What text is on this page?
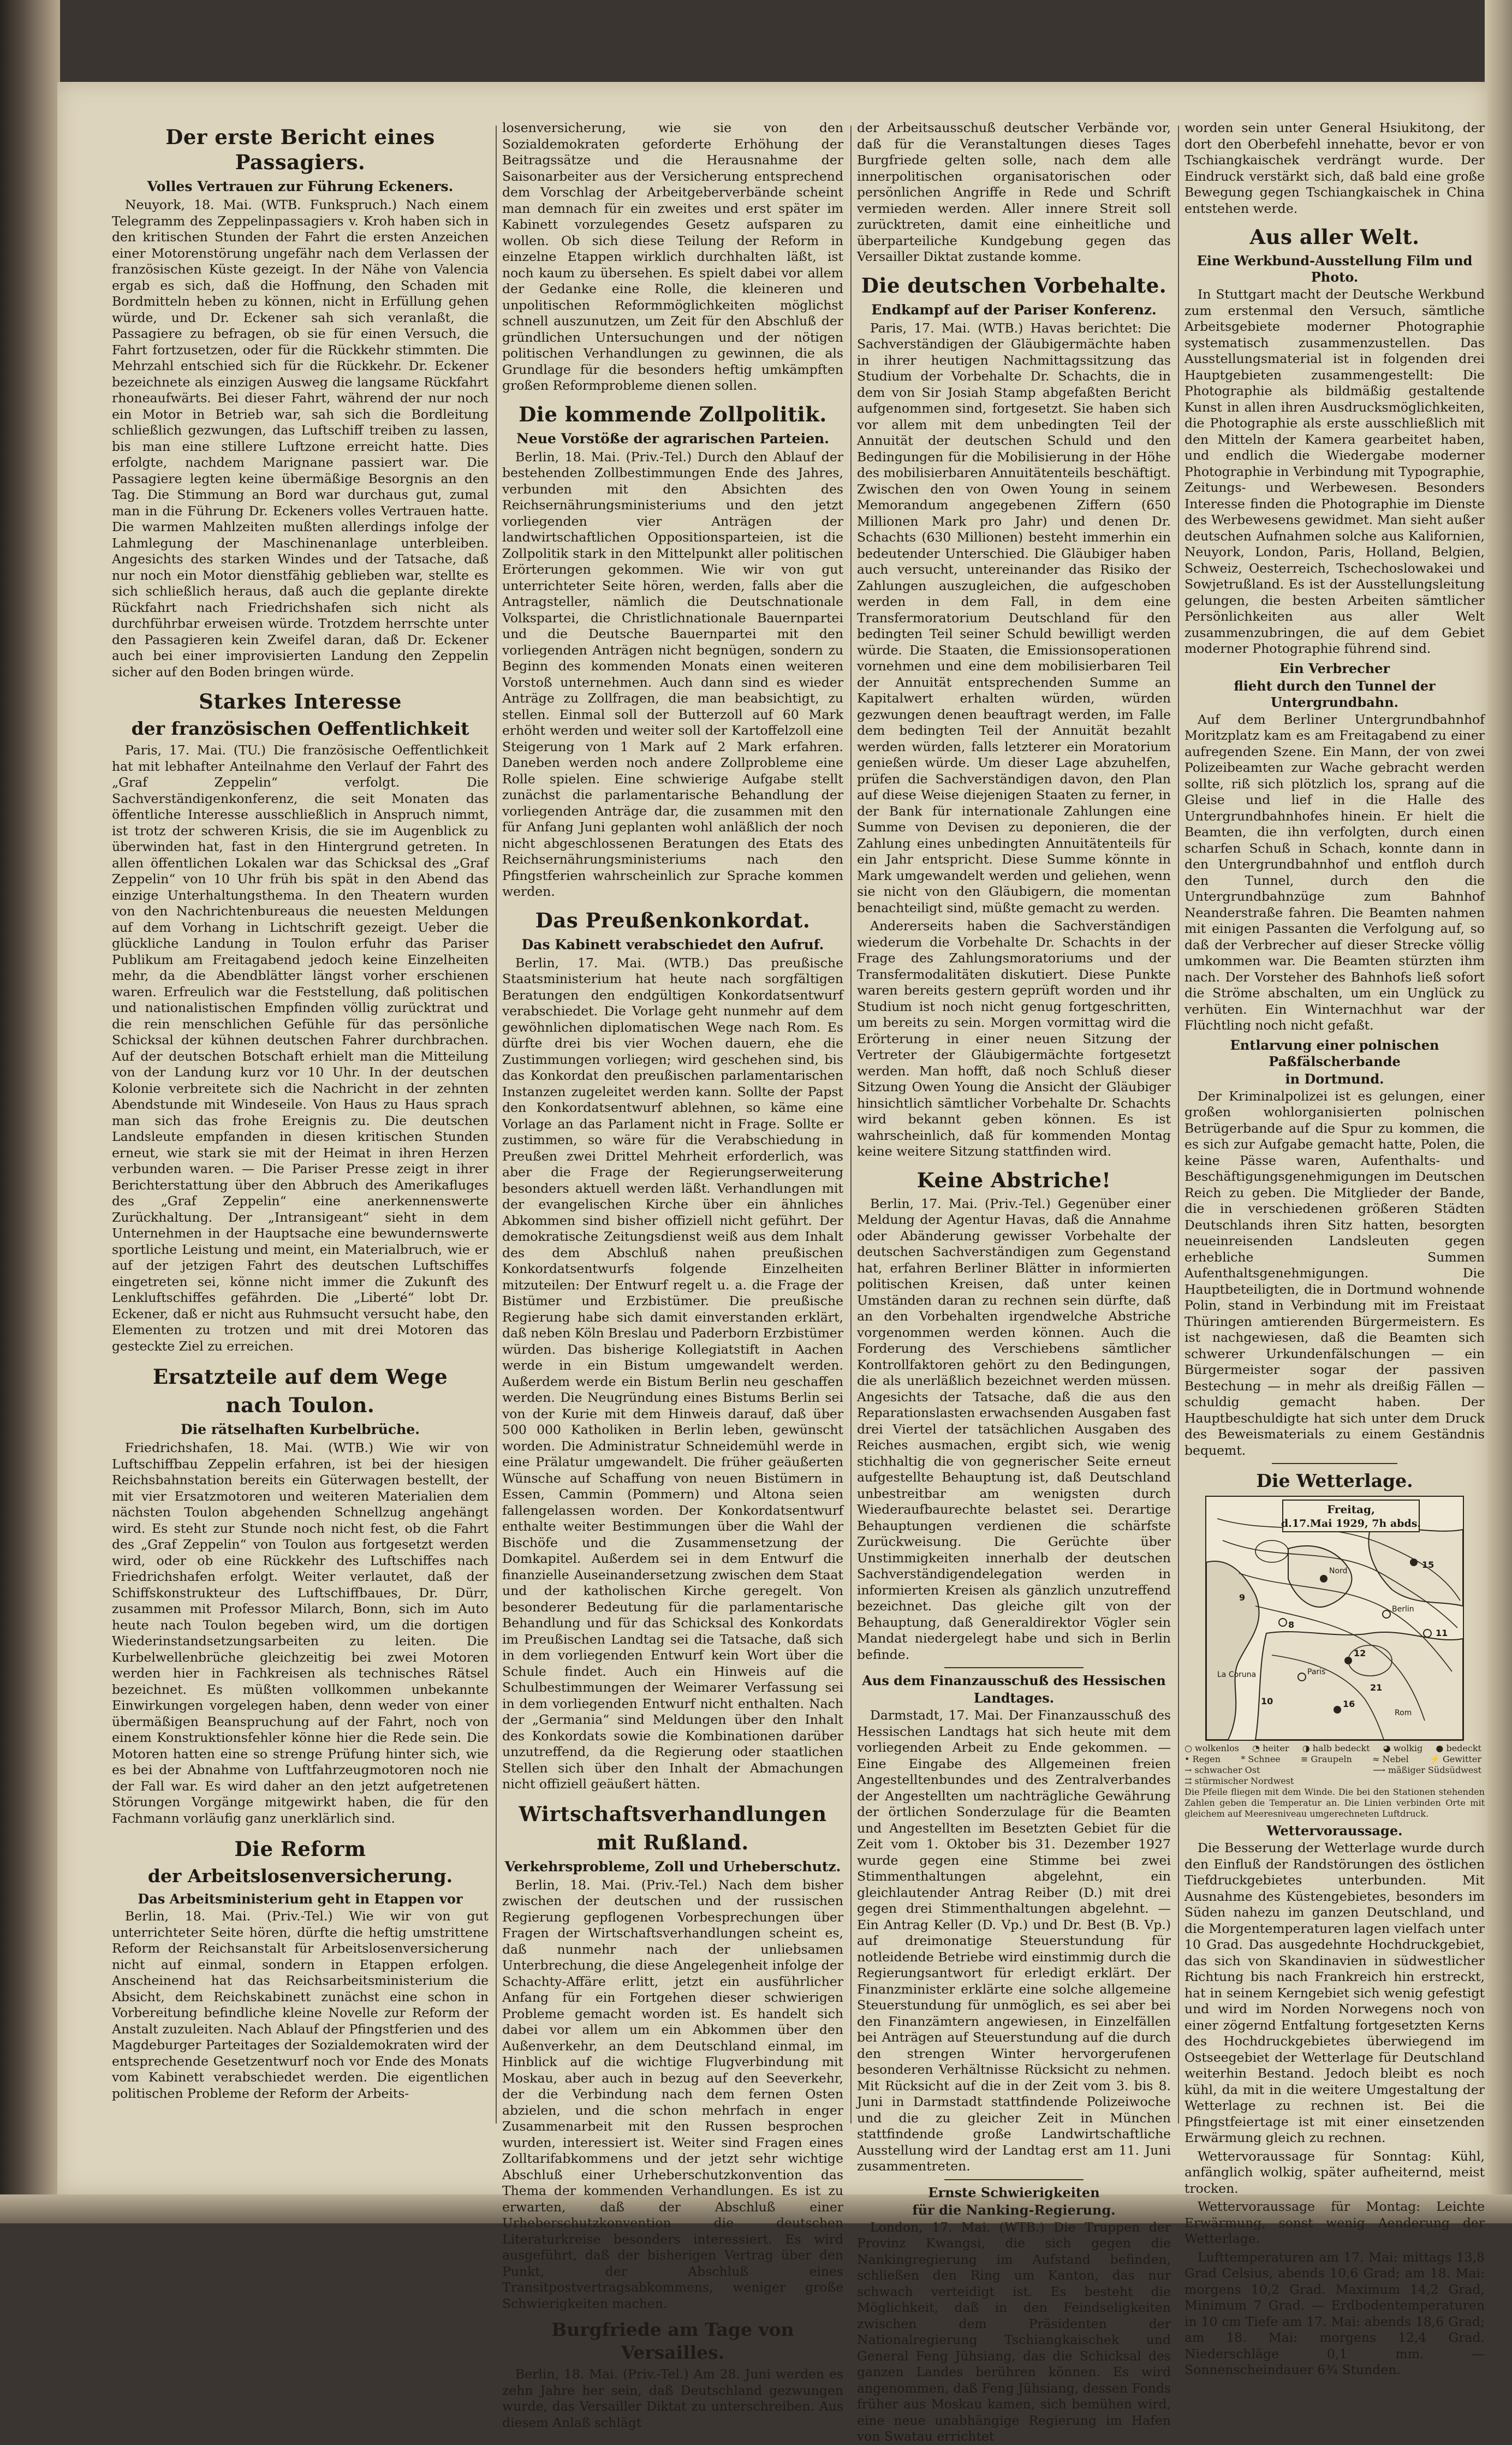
Der erste Bericht eines Passagiers.
Volles Vertrauen zur Führung Eckeners.

Neuyork, 18. Mai. (WTB. Funkspruch.) Nach einem Telegramm des Zeppelinpassagiers v. Kroh haben sich in den kritischen Stunden der Fahrt die ersten Anzeichen einer Motorenstörung ungefähr nach dem Verlassen der französischen Küste gezeigt. In der Nähe von Valencia ergab es sich, daß die Hoffnung, den Schaden mit Bordmitteln heben zu können, nicht in Erfüllung gehen würde, und Dr. Eckener sah sich veranlaßt, die Passagiere zu befragen, ob sie für einen Versuch, die Fahrt fortzusetzen, oder für die Rückkehr stimmten. Die Mehrzahl entschied sich für die Rückkehr. Dr. Eckener bezeichnete als einzigen Ausweg die langsame Rückfahrt rhoneaufwärts. Bei dieser Fahrt, während der nur noch ein Motor in Betrieb war, sah sich die Bordleitung schließlich gezwungen, das Luftschiff treiben zu lassen, bis man eine stillere Luftzone erreicht hatte. Dies erfolgte, nachdem Marignane passiert war. Die Passagiere legten keine übermäßige Besorgnis an den Tag. Die Stimmung an Bord war durchaus gut, zumal man in die Führung Dr. Eckeners volles Vertrauen hatte. Die warmen Mahlzeiten mußten allerdings infolge der Lahmlegung der Maschinenanlage unterbleiben. Angesichts des starken Windes und der Tatsache, daß nur noch ein Motor dienstfähig geblieben war, stellte es sich schließlich heraus, daß auch die geplante direkte Rückfahrt nach Friedrichshafen sich nicht als durchführbar erweisen würde. Trotzdem herrschte unter den Passagieren kein Zweifel daran, daß Dr. Eckener auch bei einer improvisierten Landung den Zeppelin sicher auf den Boden bringen würde.

Starkes Interesse
der französischen Oeffentlichkeit

Paris, 17. Mai. (TU.) Die französische Oeffentlichkeit hat mit lebhafter Anteilnahme den Verlauf der Fahrt des „Graf Zeppelin“ verfolgt. Die Sachverständigenkonferenz, die seit Monaten das öffentliche Interesse ausschließlich in Anspruch nimmt, ist trotz der schweren Krisis, die sie im Augenblick zu überwinden hat, fast in den Hintergrund getreten. In allen öffentlichen Lokalen war das Schicksal des „Graf Zeppelin“ von 10 Uhr früh bis spät in den Abend das einzige Unterhaltungsthema. In den Theatern wurden von den Nachrichtenbureaus die neuesten Meldungen auf dem Vorhang in Lichtschrift gezeigt. Ueber die glückliche Landung in Toulon erfuhr das Pariser Publikum am Freitagabend jedoch keine Einzelheiten mehr, da die Abendblätter längst vorher erschienen waren. Erfreulich war die Feststellung, daß politischen und nationalistischen Empfinden völlig zurücktrat und die rein menschlichen Gefühle für das persönliche Schicksal der kühnen deutschen Fahrer durchbrachen. Auf der deutschen Botschaft erhielt man die Mitteilung von der Landung kurz vor 10 Uhr. In der deutschen Kolonie verbreitete sich die Nachricht in der zehnten Abendstunde mit Windeseile. Von Haus zu Haus sprach man sich das frohe Ereignis zu. Die deutschen Landsleute empfanden in diesen kritischen Stunden erneut, wie stark sie mit der Heimat in ihren Herzen verbunden waren. — Die Pariser Presse zeigt in ihrer Berichterstattung über den Abbruch des Amerikafluges des „Graf Zeppelin“ eine anerkennenswerte Zurückhaltung. Der „Intransigeant“ sieht in dem Unternehmen in der Hauptsache eine bewundernswerte sportliche Leistung und meint, ein Materialbruch, wie er auf der jetzigen Fahrt des deutschen Luftschiffes eingetreten sei, könne nicht immer die Zukunft des Lenkluftschiffes gefährden. Die „Liberté“ lobt Dr. Eckener, daß er nicht aus Ruhmsucht versucht habe, den Elementen zu trotzen und mit drei Motoren das gesteckte Ziel zu erreichen.

Ersatzteile auf dem Wege
nach Toulon.
Die rätselhaften Kurbelbrüche.

Friedrichshafen, 18. Mai. (WTB.) Wie wir von Luftschiffbau Zeppelin erfahren, ist bei der hiesigen Reichsbahnstation bereits ein Güterwagen bestellt, der mit vier Ersatzmotoren und weiteren Materialien dem nächsten Toulon abgehenden Schnellzug angehängt wird. Es steht zur Stunde noch nicht fest, ob die Fahrt des „Graf Zeppelin“ von Toulon aus fortgesetzt werden wird, oder ob eine Rückkehr des Luftschiffes nach Friedrichshafen erfolgt. Weiter verlautet, daß der Schiffskonstrukteur des Luftschiffbaues, Dr. Dürr, zusammen mit Professor Milarch, Bonn, sich im Auto heute nach Toulon begeben wird, um die dortigen Wiederinstandsetzungsarbeiten zu leiten. Die Kurbelwellenbrüche gleichzeitig bei zwei Motoren werden hier in Fachkreisen als technisches Rätsel bezeichnet. Es müßten vollkommen unbekannte Einwirkungen vorgelegen haben, denn weder von einer übermäßigen Beanspruchung auf der Fahrt, noch von einem Konstruktionsfehler könne hier die Rede sein. Die Motoren hatten eine so strenge Prüfung hinter sich, wie es bei der Abnahme von Luftfahrzeugmotoren noch nie der Fall war. Es wird daher an den jetzt aufgetretenen Störungen Vorgänge mitgewirkt haben, die für den Fachmann vorläufig ganz unerklärlich sind.

Die Reform
der Arbeitslosenversicherung.
Das Arbeitsministerium geht in Etappen vor

Berlin, 18. Mai. (Priv.-Tel.) Wie wir von gut unterrichteter Seite hören, dürfte die heftig umstrittene Reform der Reichsanstalt für Arbeitslosenversicherung nicht auf einmal, sondern in Etappen erfolgen. Anscheinend hat das Reichsarbeitsministerium die Absicht, dem Reichskabinett zunächst eine schon in Vorbereitung befindliche kleine Novelle zur Reform der Anstalt zuzuleiten. Nach Ablauf der Pfingstferien und des Magdeburger Parteitages der Sozialdemokraten wird der entsprechende Gesetzentwurf noch vor Ende des Monats vom Kabinett verabschiedet werden. Die eigentlichen politischen Probleme der Reform der Arbeits-

losenversicherung, wie sie von den Sozialdemokraten geforderte Erhöhung der Beitragssätze und die Herausnahme der Saisonarbeiter aus der Versicherung entsprechend dem Vorschlag der Arbeitgeberverbände scheint man demnach für ein zweites und erst später im Kabinett vorzulegendes Gesetz aufsparen zu wollen. Ob sich diese Teilung der Reform in einzelne Etappen wirklich durchhalten läßt, ist noch kaum zu übersehen. Es spielt dabei vor allem der Gedanke eine Rolle, die kleineren und unpolitischen Reformmöglichkeiten möglichst schnell auszunutzen, um Zeit für den Abschluß der gründlichen Untersuchungen und der nötigen politischen Verhandlungen zu gewinnen, die als Grundlage für die besonders heftig umkämpften großen Reformprobleme dienen sollen.

Die kommende Zollpolitik.
Neue Vorstöße der agrarischen Parteien.

Berlin, 18. Mai. (Priv.-Tel.) Durch den Ablauf der bestehenden Zollbestimmungen Ende des Jahres, verbunden mit den Absichten des Reichsernährungsministeriums und den jetzt vorliegenden vier Anträgen der landwirtschaftlichen Oppositionsparteien, ist die Zollpolitik stark in den Mittelpunkt aller politischen Erörterungen gekommen. Wie wir von gut unterrichteter Seite hören, werden, falls aber die Antragsteller, nämlich die Deutschnationale Volkspartei, die Christlichnationale Bauernpartei und die Deutsche Bauernpartei mit den vorliegenden Anträgen nicht begnügen, sondern zu Beginn des kommenden Monats einen weiteren Vorstoß unternehmen. Auch dann sind es wieder Anträge zu Zollfragen, die man beabsichtigt, zu stellen. Einmal soll der Butterzoll auf 60 Mark erhöht werden und weiter soll der Kartoffelzoll eine Steigerung von 1 Mark auf 2 Mark erfahren. Daneben werden noch andere Zollprobleme eine Rolle spielen. Eine schwierige Aufgabe stellt zunächst die parlamentarische Behandlung der vorliegenden Anträge dar, die zusammen mit den für Anfang Juni geplanten wohl anläßlich der noch nicht abgeschlossenen Beratungen des Etats des Reichsernährungsministeriums nach den Pfingstferien wahrscheinlich zur Sprache kommen werden.

Das Preußenkonkordat.
Das Kabinett verabschiedet den Aufruf.

Berlin, 17. Mai. (WTB.) Das preußische Staatsministerium hat heute nach sorgfältigen Beratungen den endgültigen Konkordatsentwurf verabschiedet. Die Vorlage geht nunmehr auf dem gewöhnlichen diplomatischen Wege nach Rom. Es dürfte drei bis vier Wochen dauern, ehe die Zustimmungen vorliegen; wird geschehen sind, bis das Konkordat den preußischen parlamentarischen Instanzen zugeleitet werden kann. Sollte der Papst den Konkordatsentwurf ablehnen, so käme eine Vorlage an das Parlament nicht in Frage. Sollte er zustimmen, so wäre für die Verabschiedung in Preußen zwei Drittel Mehrheit erforderlich, was aber die Frage der Regierungserweiterung besonders aktuell werden läßt. Verhandlungen mit der evangelischen Kirche über ein ähnliches Abkommen sind bisher offiziell nicht geführt. Der demokratische Zeitungsdienst weiß aus dem Inhalt des dem Abschluß nahen preußischen Konkordatsentwurfs folgende Einzelheiten mitzuteilen: Der Entwurf regelt u. a. die Frage der Bistümer und Erzbistümer. Die preußische Regierung habe sich damit einverstanden erklärt, daß neben Köln Breslau und Paderborn Erzbistümer würden. Das bisherige Kollegiatstift in Aachen werde in ein Bistum umgewandelt werden. Außerdem werde ein Bistum Berlin neu geschaffen werden. Die Neugründung eines Bistums Berlin sei von der Kurie mit dem Hinweis darauf, daß über 500 000 Katholiken in Berlin leben, gewünscht worden. Die Administratur Schneidemühl werde in eine Prälatur umgewandelt. Die früher geäußerten Wünsche auf Schaffung von neuen Bistümern in Essen, Cammin (Pommern) und Altona seien fallengelassen worden. Der Konkordatsentwurf enthalte weiter Bestimmungen über die Wahl der Bischöfe und die Zusammensetzung der Domkapitel. Außerdem sei in dem Entwurf die finanzielle Auseinandersetzung zwischen dem Staat und der katholischen Kirche geregelt. Von besonderer Bedeutung für die parlamentarische Behandlung und für das Schicksal des Konkordats im Preußischen Landtag sei die Tatsache, daß sich in dem vorliegenden Entwurf kein Wort über die Schule findet. Auch ein Hinweis auf die Schulbestimmungen der Weimarer Verfassung sei in dem vorliegenden Entwurf nicht enthalten. Nach der „Germania“ sind Meldungen über den Inhalt des Konkordats sowie die Kombinationen darüber unzutreffend, da die Regierung oder staatlichen Stellen sich über den Inhalt der Abmachungen nicht offiziell geäußert hätten.

Wirtschaftsverhandlungen
mit Rußland.
Verkehrsprobleme, Zoll und Urheberschutz.

Berlin, 18. Mai. (Priv.-Tel.) Nach dem bisher zwischen der deutschen und der russischen Regierung gepflogenen Vorbesprechungen über Fragen der Wirtschaftsverhandlungen scheint es, daß nunmehr nach der unliebsamen Unterbrechung, die diese Angelegenheit infolge der Schachty-Affäre erlitt, jetzt ein ausführlicher Anfang für ein Fortgehen dieser schwierigen Probleme gemacht worden ist. Es handelt sich dabei vor allem um ein Abkommen über den Außenverkehr, an dem Deutschland einmal, im Hinblick auf die wichtige Flugverbindung mit Moskau, aber auch in bezug auf den Seeverkehr, der die Verbindung nach dem fernen Osten abzielen, und die schon mehrfach in enger Zusammenarbeit mit den Russen besprochen wurden, interessiert ist. Weiter sind Fragen eines Zolltarifabkommens und der jetzt sehr wichtige Abschluß einer Urheberschutzkonvention das Thema der kommenden Verhandlungen. Es ist zu erwarten, daß der Abschluß einer Urheberschutzkonvention die deutschen Literaturkreise besonders interessiert. Es wird ausgeführt, daß der bisherigen Vertrag über den Punkt, der Abschluß eines Transitpostvertragsabkommens, weniger große Schwierigkeiten machen.

Burgfriede am Tage von Versailles.

Berlin, 18. Mai. (Priv.-Tel.) Am 28. Juni werden es zehn Jahre her sein, daß Deutschland gezwungen wurde, das Versailler Diktat zu unterschreiben. Aus diesem Anlaß schlägt

der Arbeitsausschuß deutscher Verbände vor, daß für die Veranstaltungen dieses Tages Burgfriede gelten solle, nach dem alle innerpolitischen organisatorischen oder persönlichen Angriffe in Rede und Schrift vermieden werden. Aller innere Streit soll zurücktreten, damit eine einheitliche und überparteiliche Kundgebung gegen das Versailler Diktat zustande komme.

Die deutschen Vorbehalte.
Endkampf auf der Pariser Konferenz.

Paris, 17. Mai. (WTB.) Havas berichtet: Die Sachverständigen der Gläubigermächte haben in ihrer heutigen Nachmittagssitzung das Studium der Vorbehalte Dr. Schachts, die in dem von Sir Josiah Stamp abgefaßten Bericht aufgenommen sind, fortgesetzt. Sie haben sich vor allem mit dem unbedingten Teil der Annuität der deutschen Schuld und den Bedingungen für die Mobilisierung in der Höhe des mobilisierbaren Annuitätenteils beschäftigt. Zwischen den von Owen Young in seinem Memorandum angegebenen Ziffern (650 Millionen Mark pro Jahr) und denen Dr. Schachts (630 Millionen) besteht immerhin ein bedeutender Unterschied. Die Gläubiger haben auch versucht, untereinander das Risiko der Zahlungen auszugleichen, die aufgeschoben werden in dem Fall, in dem eine Transfermoratorium Deutschland für den bedingten Teil seiner Schuld bewilligt werden würde. Die Staaten, die Emissionsoperationen vornehmen und eine dem mobilisierbaren Teil der Annuität entsprechenden Summe an Kapitalwert erhalten würden, würden gezwungen denen beauftragt werden, im Falle dem bedingten Teil der Annuität bezahlt werden würden, falls letzterer ein Moratorium genießen würde. Um dieser Lage abzuhelfen, prüfen die Sachverständigen davon, den Plan auf diese Weise diejenigen Staaten zu ferner, in der Bank für internationale Zahlungen eine Summe von Devisen zu deponieren, die der Zahlung eines unbedingten Annuitätenteils für ein Jahr entspricht. Diese Summe könnte in Mark umgewandelt werden und geliehen, wenn sie nicht von den Gläubigern, die momentan benachteiligt sind, müßte gemacht zu werden.

Andererseits haben die Sachverständigen wiederum die Vorbehalte Dr. Schachts in der Frage des Zahlungsmoratoriums und der Transfermodalitäten diskutiert. Diese Punkte waren bereits gestern geprüft worden und ihr Studium ist noch nicht genug fortgeschritten, um bereits zu sein. Morgen vormittag wird die Erörterung in einer neuen Sitzung der Vertreter der Gläubigermächte fortgesetzt werden. Man hofft, daß noch Schluß dieser Sitzung Owen Young die Ansicht der Gläubiger hinsichtlich sämtlicher Vorbehalte Dr. Schachts wird bekannt geben können. Es ist wahrscheinlich, daß für kommenden Montag keine weitere Sitzung stattfinden wird.

Keine Abstriche!

Berlin, 17. Mai. (Priv.-Tel.) Gegenüber einer Meldung der Agentur Havas, daß die Annahme oder Abänderung gewisser Vorbehalte der deutschen Sachverständigen zum Gegenstand hat, erfahren Berliner Blätter in informierten politischen Kreisen, daß unter keinen Umständen daran zu rechnen sein dürfte, daß an den Vorbehalten irgendwelche Abstriche vorgenommen werden können. Auch die Forderung des Verschiebens sämtlicher Kontrollfaktoren gehört zu den Bedingungen, die als unerläßlich bezeichnet werden müssen. Angesichts der Tatsache, daß die aus den Reparationslasten erwachsenden Ausgaben fast drei Viertel der tatsächlichen Ausgaben des Reiches ausmachen, ergibt sich, wie wenig stichhaltig die von gegnerischer Seite erneut aufgestellte Behauptung ist, daß Deutschland unbestreitbar am wenigsten durch Wiederaufbaurechte belastet sei. Derartige Behauptungen verdienen die schärfste Zurückweisung. Die Gerüchte über Unstimmigkeiten innerhalb der deutschen Sachverständigendelegation werden in informierten Kreisen als gänzlich unzutreffend bezeichnet. Das gleiche gilt von der Behauptung, daß Generaldirektor Vögler sein Mandat niedergelegt habe und sich in Berlin befinde.

Aus dem Finanzausschuß des Hessischen
Landtages.

Darmstadt, 17. Mai. Der Finanzausschuß des Hessischen Landtags hat sich heute mit dem vorliegenden Arbeit zu Ende gekommen. — Eine Eingabe des Allgemeinen freien Angestelltenbundes und des Zentralverbandes der Angestellten um nachträgliche Gewährung der örtlichen Sonderzulage für die Beamten und Angestellten im Besetzten Gebiet für die Zeit vom 1. Oktober bis 31. Dezember 1927 wurde gegen eine Stimme bei zwei Stimmenthaltungen abgelehnt, ein gleichlautender Antrag Reiber (D.) mit drei gegen drei Stimmenthaltungen abgelehnt. — Ein Antrag Keller (D. Vp.) und Dr. Best (B. Vp.) auf dreimonatige Steuerstundung für notleidende Betriebe wird einstimmig durch die Regierungsantwort für erledigt erklärt. Der Finanzminister erklärte eine solche allgemeine Steuerstundung für unmöglich, es sei aber bei den Finanzämtern angewiesen, in Einzelfällen bei Anträgen auf Steuerstundung auf die durch den strengen Winter hervorgerufenen besonderen Verhältnisse Rücksicht zu nehmen. Mit Rücksicht auf die in der Zeit vom 3. bis 8. Juni in Darmstadt stattfindende Polizeiwoche und die zu gleicher Zeit in München stattfindende große Landwirtschaftliche Ausstellung wird der Landtag erst am 11. Juni zusammentreten.

Ernste Schwierigkeiten
für die Nanking-Regierung.

London, 17. Mai. (WTB.) Die Truppen der Provinz Kwangsi, die sich gegen die Nankingregierung im Aufstand befinden, schließen den Ring um Kanton, das nur schwach verteidigt ist. Es besteht die Möglichkeit, daß in den Feindseligkeiten zwischen dem Präsidenten der Nationalregierung Tschiangkaischek und General Feng Jühsiang, das die Schicksal des ganzen Landes berühren können. Es wird angenommen, daß Feng Jühsiang, dessen Fonds früher aus Moskau kamen, sich bemühen wird, eine neue unabhängige Regierung im Hafen von Swatau errichtet

worden sein unter General Hsiukitong, der dort den Oberbefehl innehatte, bevor er von Tschiangkaischek verdrängt wurde. Der Eindruck verstärkt sich, daß bald eine große Bewegung gegen Tschiangkaischek in China entstehen werde.

Aus aller Welt.
Eine Werkbund-Ausstellung Film und Photo.

In Stuttgart macht der Deutsche Werkbund zum erstenmal den Versuch, sämtliche Arbeitsgebiete moderner Photographie systematisch zusammenzustellen. Das Ausstellungsmaterial ist in folgenden drei Hauptgebieten zusammengestellt: Die Photographie als bildmäßig gestaltende Kunst in allen ihren Ausdrucksmöglichkeiten, die Photographie als erste ausschließlich mit den Mitteln der Kamera gearbeitet haben, und endlich die Wiedergabe moderner Photographie in Verbindung mit Typographie, Zeitungs- und Werbewesen. Besonders Interesse finden die Photographie im Dienste des Werbewesens gewidmet. Man sieht außer deutschen Aufnahmen solche aus Kalifornien, Neuyork, London, Paris, Holland, Belgien, Schweiz, Oesterreich, Tschechoslowakei und Sowjetrußland. Es ist der Ausstellungsleitung gelungen, die besten Arbeiten sämtlicher Persönlichkeiten aus aller Welt zusammenzubringen, die auf dem Gebiet moderner Photographie führend sind.

Ein Verbrecher
flieht durch den Tunnel der Untergrundbahn.

Auf dem Berliner Untergrundbahnhof Moritzplatz kam es am Freitagabend zu einer aufregenden Szene. Ein Mann, der von zwei Polizeibeamten zur Wache gebracht werden sollte, riß sich plötzlich los, sprang auf die Gleise und lief in die Halle des Untergrundbahnhofes hinein. Er hielt die Beamten, die ihn verfolgten, durch einen scharfen Schuß in Schach, konnte dann in den Untergrundbahnhof und entfloh durch den Tunnel, durch den die Untergrundbahnzüge zum Bahnhof Neanderstraße fahren. Die Beamten nahmen mit einigen Passanten die Verfolgung auf, so daß der Verbrecher auf dieser Strecke völlig umkommen war. Die Beamten stürzten ihm nach. Der Vorsteher des Bahnhofs ließ sofort die Ströme abschalten, um ein Unglück zu verhüten. Ein Winternachhut war der Flüchtling noch nicht gefaßt.

Entlarvung einer polnischen Paßfälscherbande
in Dortmund.

Der Kriminalpolizei ist es gelungen, einer großen wohlorganisierten polnischen Betrügerbande auf die Spur zu kommen, die es sich zur Aufgabe gemacht hatte, Polen, die keine Pässe waren, Aufenthalts- und Beschäftigungsgenehmigungen im Deutschen Reich zu geben. Die Mitglieder der Bande, die in verschiedenen größeren Städten Deutschlands ihren Sitz hatten, besorgten neueinreisenden Landsleuten gegen erhebliche Summen Aufenthaltsgenehmigungen. Die Hauptbeteiligten, die in Dortmund wohnende Polin, stand in Verbindung mit im Freistaat Thüringen amtierenden Bürgermeistern. Es ist nachgewiesen, daß die Beamten sich schwerer Urkundenfälschungen — ein Bürgermeister sogar der passiven Bestechung — in mehr als dreißig Fällen — schuldig gemacht haben. Der Hauptbeschuldigte hat sich unter dem Druck des Beweismaterials zu einem Geständnis bequemt.

Die Wetterlage.
Freitag,
d.17.Mai 1929, 7h abds.
Nord
Berlin
Paris
Rom
La Coruna
15
11
8
12
16
21
10
9
○ wolkenlos ◔ heiter ◑ halb bedeckt ◕ wolkig ● bedeckt • Regen * Schnee ≡ Graupeln ≈ Nebel ⚡ Gewitter → schwacher Ost	⟶ mäßiger Südsüdwest ⇉ stürmischer Nordwest
Die Pfeile fliegen mit dem Winde. Die bei den Stationen stehenden Zahlen geben die Temperatur an. Die Linien verbinden Orte mit gleichem auf Meeresniveau umgerechneten Luftdruck.
Wettervoraussage.

Die Besserung der Wetterlage wurde durch den Einfluß der Randstörungen des östlichen Tiefdruckgebietes unterbunden. Mit Ausnahme des Küstengebietes, besonders im Süden nahezu im ganzen Deutschland, und die Morgentemperaturen lagen vielfach unter 10 Grad. Das ausgedehnte Hochdruckgebiet, das sich von Skandinavien in südwestlicher Richtung bis nach Frankreich hin erstreckt, hat in seinem Kerngebiet sich wenig gefestigt und wird im Norden Norwegens noch von einer zögernd Entfaltung fortgesetzten Kerns des Hochdruckgebietes überwiegend im Ostseegebiet der Wetterlage für Deutschland weiterhin Bestand. Jedoch bleibt es noch kühl, da mit in die weitere Umgestaltung der Wetterlage zu rechnen ist. Bei die Pfingstfeiertage ist mit einer einsetzenden Erwärmung gleich zu rechnen.

Wettervoraussage für Sonntag: Kühl, anfänglich wolkig, später aufheiternd, meist trocken.

Wettervoraussage für Montag: Leichte Erwärmung, sonst wenig Aenderung der Wetterlage.

Lufttemperaturen am 17. Mai: mittags 13,8 Grad Celsius, abends 10,6 Grad; am 18. Mai: morgens 10,2 Grad. Maximum 14,2 Grad, Minimum 7 Grad. — Erdbodentemperaturen in 10 cm Tiefe am 17. Mai: abends 18,6 Grad; am 18. Mai: morgens 12,4 Grad. Niederschläge 0,1 mm. — Sonnenscheindauer 6¾ Stunden.
